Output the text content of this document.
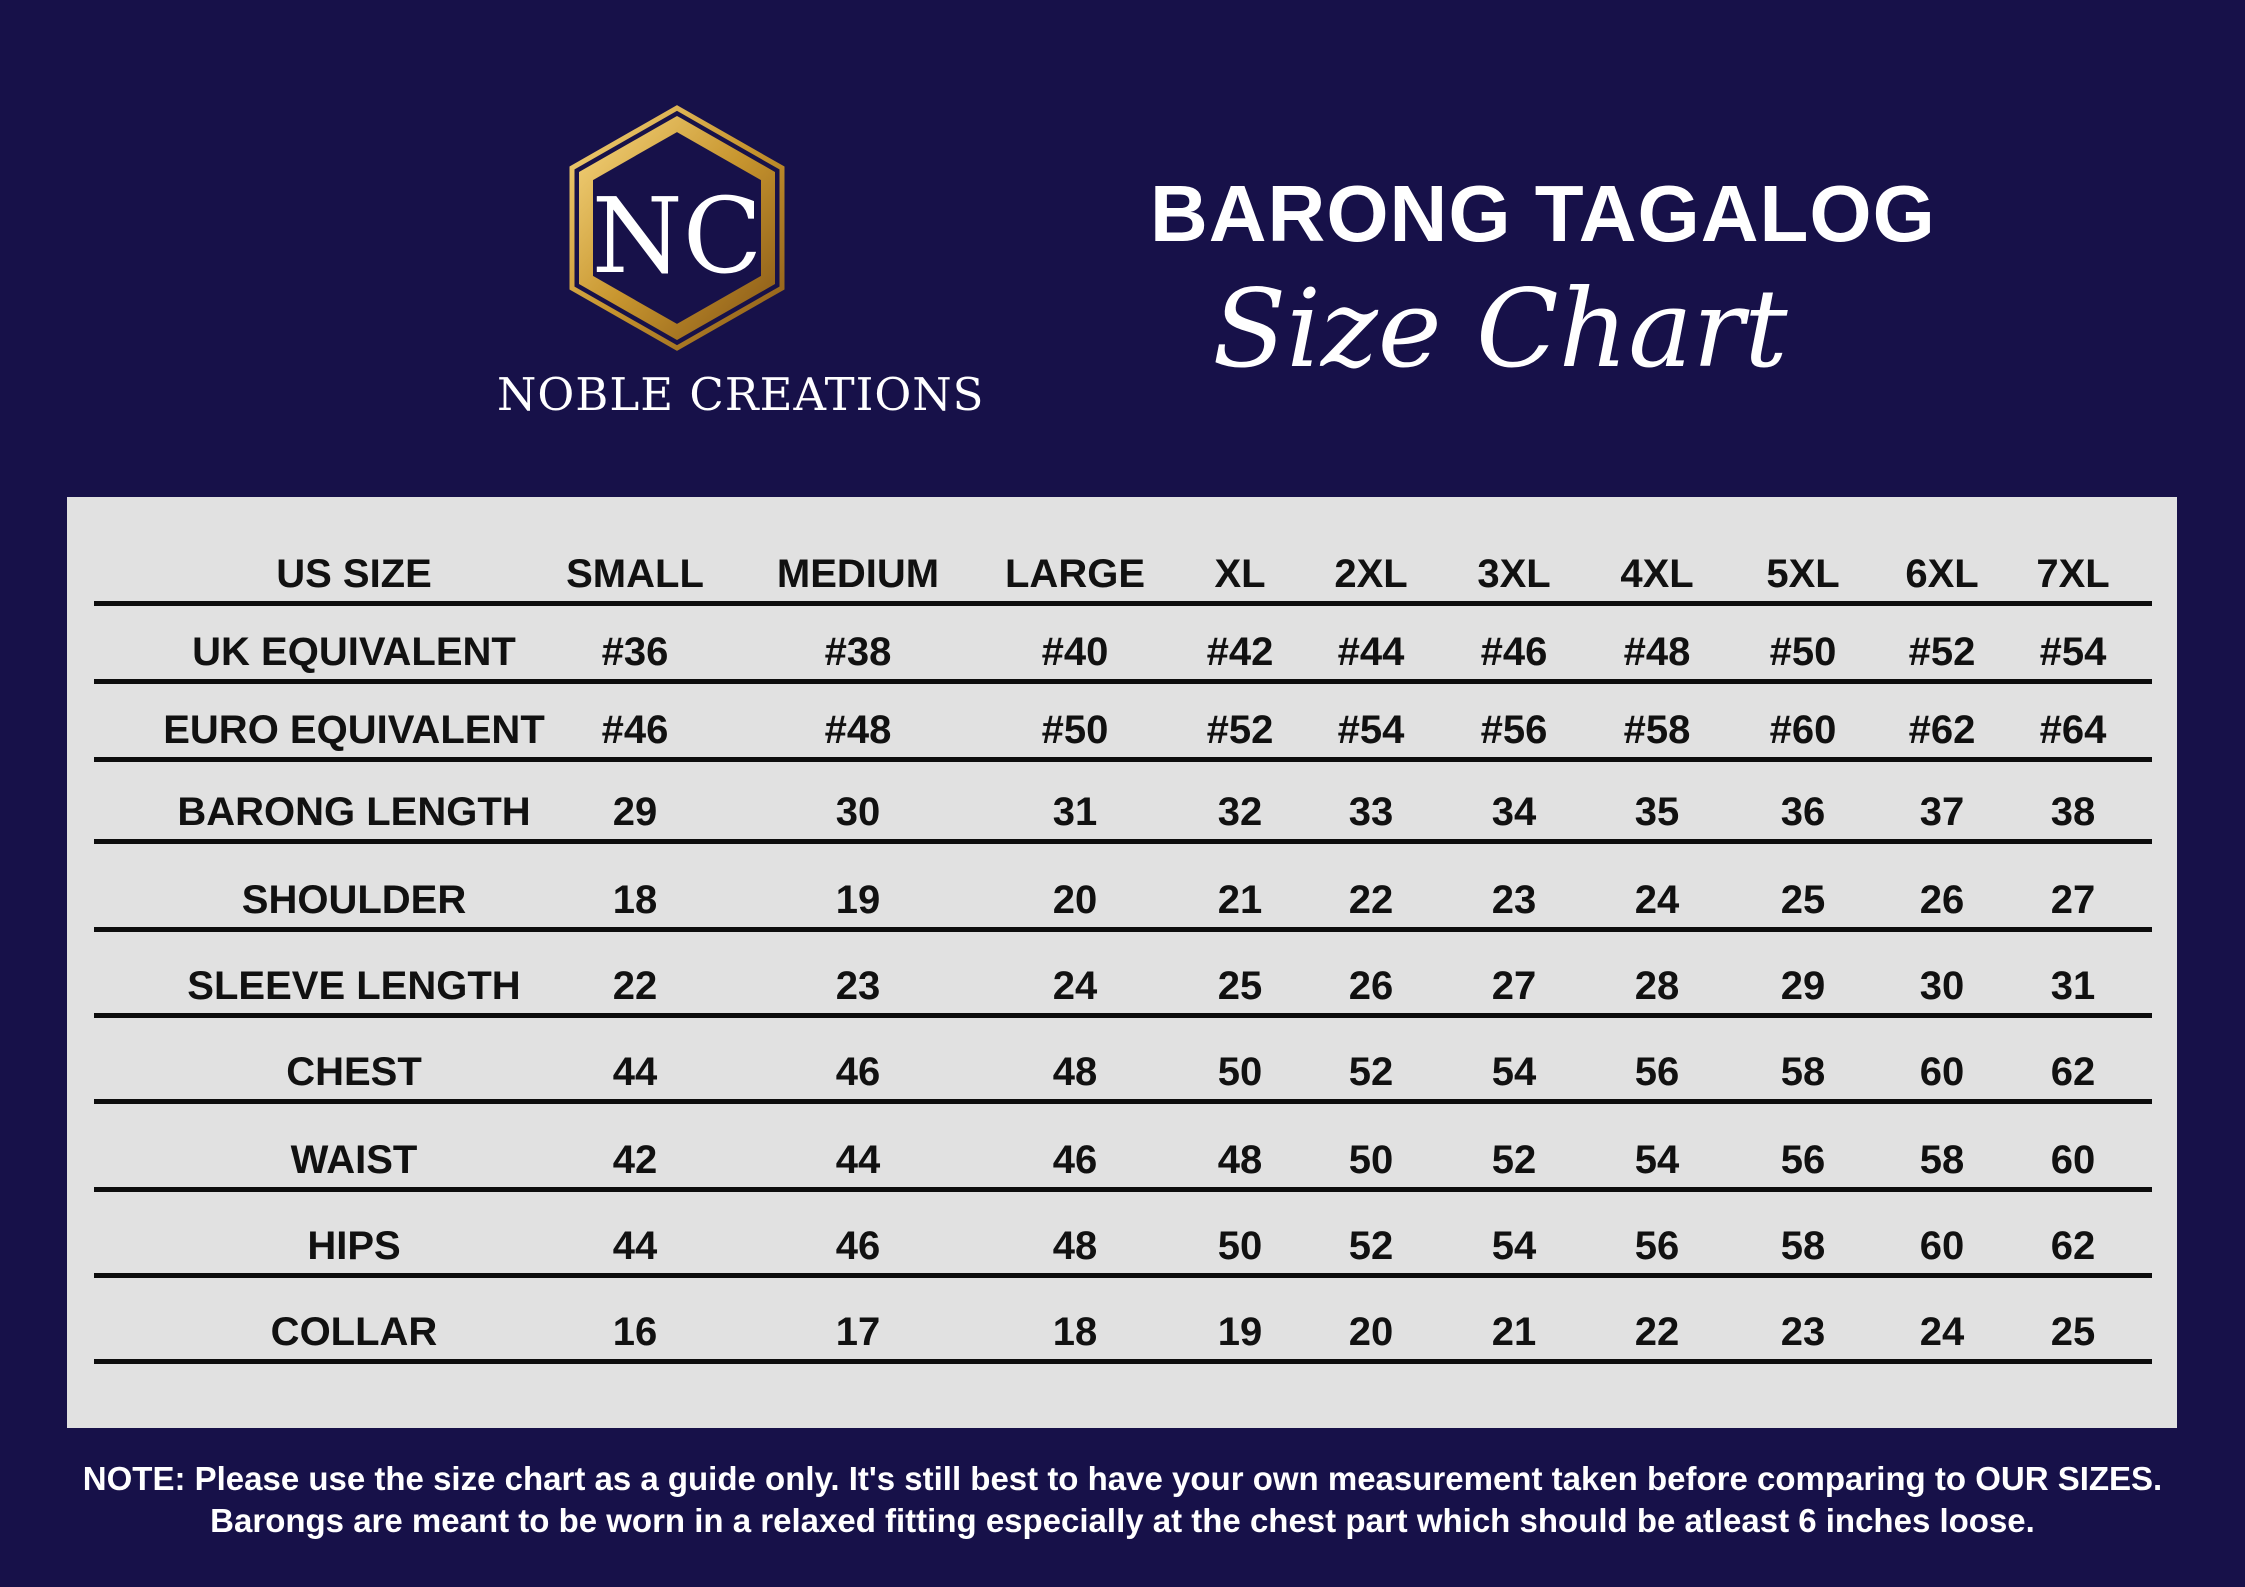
NC
NOBLE CREATIONS
BARONG TAGALOG
Size Chart
US SIZE	SMALL MEDIUM LARGE XL 2XL 3XL 4XL 5XL 6XL 7XL
UK EQUIVALENT #36	#38	#40 #42 #44 #46 #48 #50 #52 #54
EURO EQUIVALENT #46	#48	#50 #52 #54 #56 #58 #60 #62 #64
BARONG LENGTH 29	30	31	32 33 34 35	36 37 38
SHOULDER	18	19	20	21 22 23 24	25 26 27
SLEEVE LENGTH 22	23	24	25 26 27 28	29 30 31
CHEST	44	46	48	50 52 54 56	58 60 62
WAIST	42	44	46	48 50 52 54	56 58 60
HIPS	44	46	48	50 52 54 56	58 60 62
COLLAR	16	17	18	19 20 21 22	23 24 25
NOTE: Please use the size chart as a guide only. It's still best to have your own measurement taken before comparing to OUR SIZES.
Barongs are meant to be worn in a relaxed fitting especially at the chest part which should be atleast 6 inches loose.
